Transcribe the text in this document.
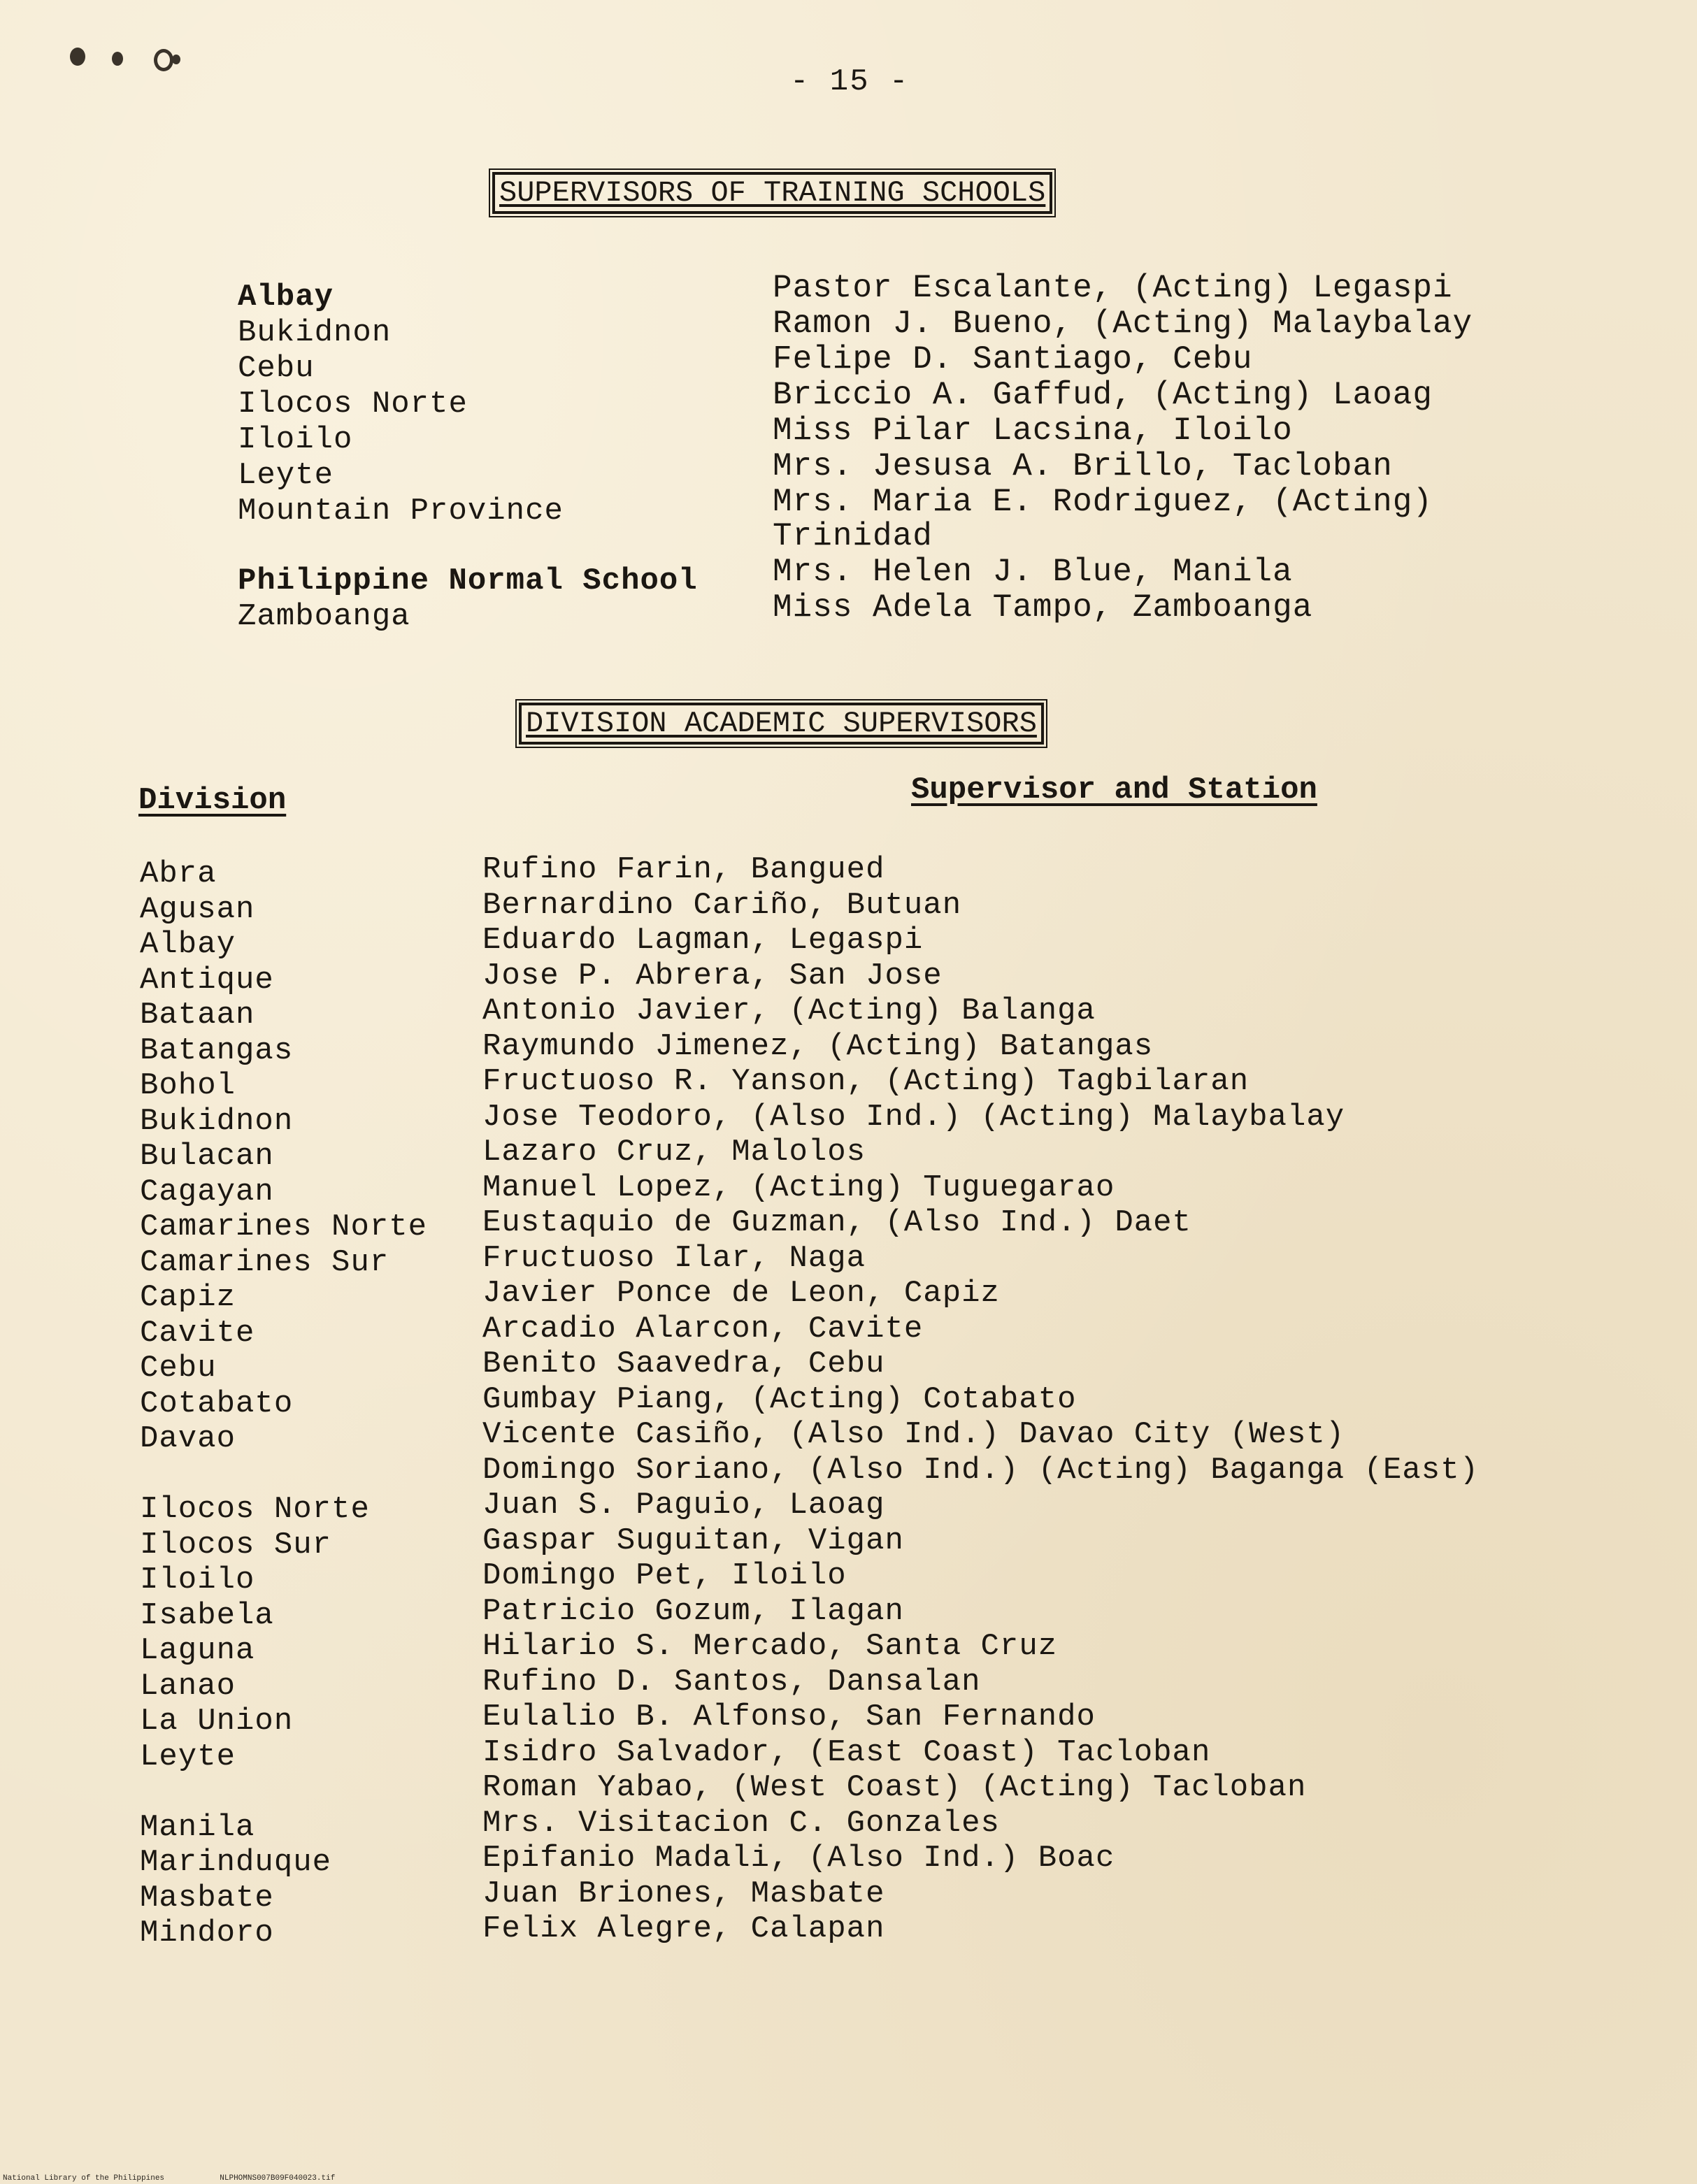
- 15 -
SUPERVISORS OF TRAINING SCHOOLS
Albay	Pastor Escalante, (Acting) Legaspi
Bukidnon	Ramon J. Bueno, (Acting) Malaybalay
Cebu	Felipe D. Santiago, Cebu
Ilocos Norte	Briccio A. Gaffud, (Acting) Laoag
Iloilo	Miss Pilar Lacsina, Iloilo
Leyte	Mrs. Jesusa A. Brillo, Tacloban
Mountain Province	Mrs. Maria E. Rodriguez, (Acting) Trinidad
Philippine Normal School Mrs. Helen J. Blue, Manila
Zamboanga	Miss Adela Tampo, Zamboanga
DIVISION ACADEMIC SUPERVISORS
Division	Supervisor and Station
Abra	Rufino Farin, Bangued
Agusan	Bernardino Cariño, Butuan
Albay	Eduardo Lagman, Legaspi
Antique	Jose P. Abrera, San Jose
Bataan	Antonio Javier, (Acting) Balanga
Batangas	Raymundo Jimenez, (Acting) Batangas
Bohol	Fructuoso R. Yanson, (Acting) Tagbilaran
Bukidnon	Jose Teodoro, (Also Ind.) (Acting) Malaybalay
Bulacan	Lazaro Cruz, Malolos
Cagayan	Manuel Lopez, (Acting) Tuguegarao
Camarines Norte Eustaquio de Guzman, (Also Ind.) Daet
Camarines Sur	Fructuoso Ilar, Naga
Capiz	Javier Ponce de Leon, Capiz
Cavite	Arcadio Alarcon, Cavite
Cebu	Benito Saavedra, Cebu
Cotabato	Gumbay Piang, (Acting) Cotabato
Davao	Vicente Casiño, (Also Ind.) Davao City (West)
Domingo Soriano, (Also Ind.) (Acting) Baganga (East)
Ilocos Norte	Juan S. Paguio, Laoag
Ilocos Sur	Gaspar Suguitan, Vigan
Iloilo	Domingo Pet, Iloilo
Isabela	Patricio Gozum, Ilagan
Laguna	Hilario S. Mercado, Santa Cruz
Lanao	Rufino D. Santos, Dansalan
La Union	Eulalio B. Alfonso, San Fernando
Leyte	Isidro Salvador, (East Coast) Tacloban
Roman Yabao, (West Coast) (Acting) Tacloban
Manila	Mrs. Visitacion C. Gonzales
Marinduque	Epifanio Madali, (Also Ind.) Boac
Masbate	Juan Briones, Masbate
Mindoro	Felix Alegre, Calapan
National Library of the Philippines	NLPHOMNS007B09F040023.tif
